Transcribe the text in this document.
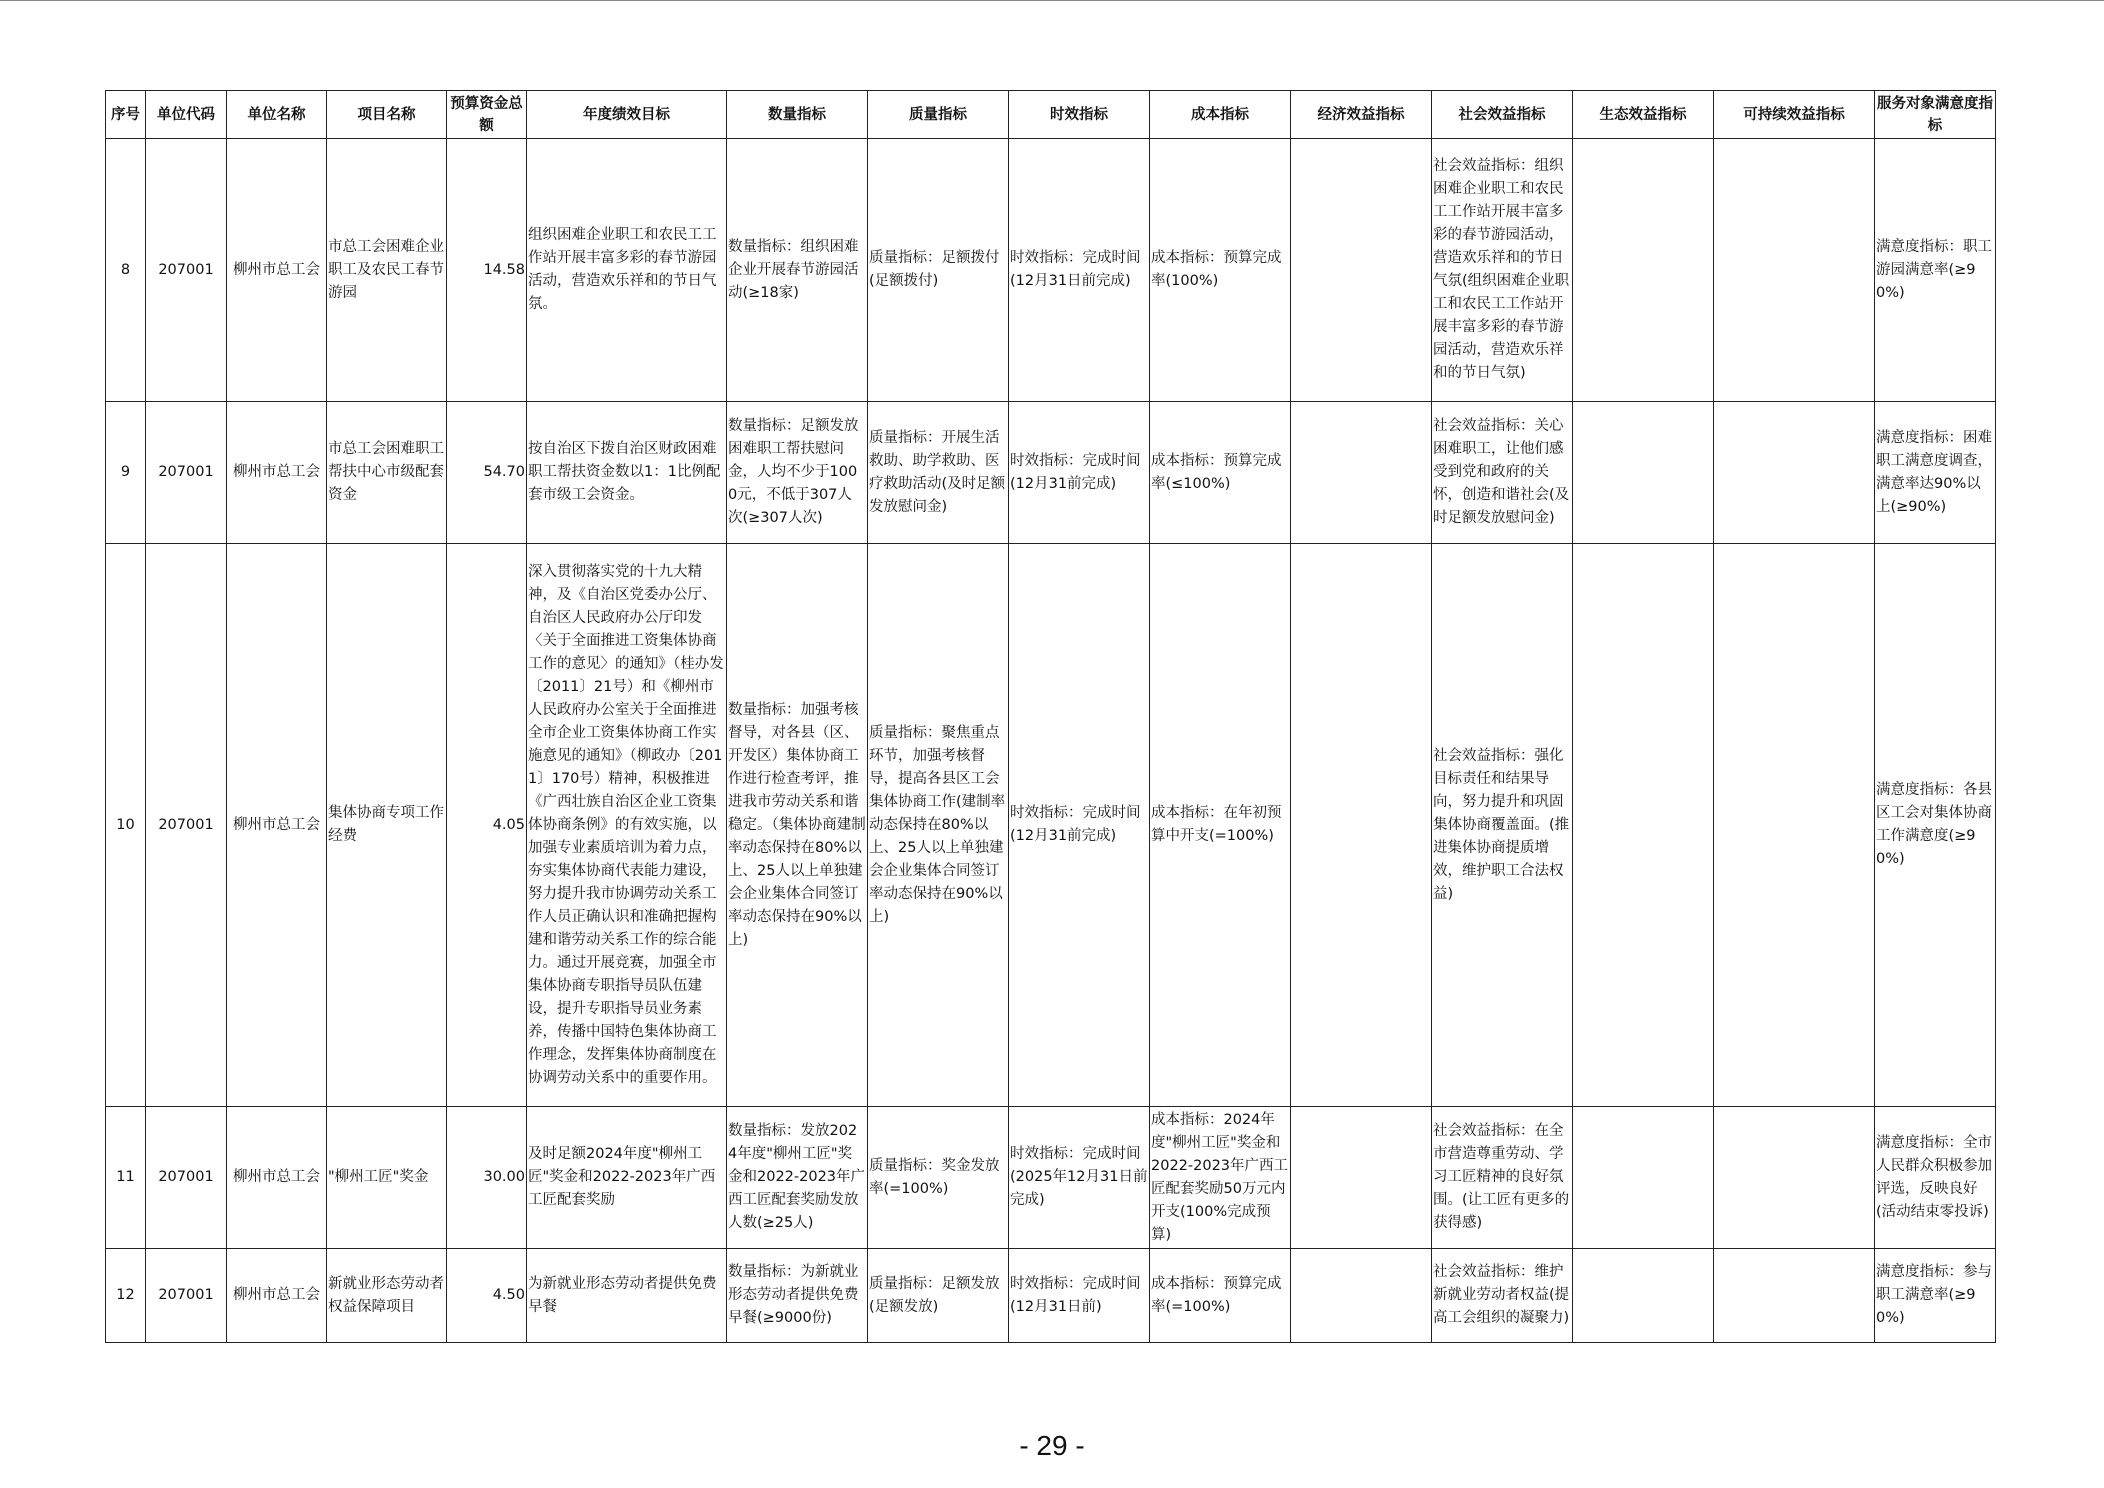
序号	单位代码	单位名称	项目名称	预算资金总额	年度绩效目标	数量指标	质量指标	时效指标	成本指标	经济效益指标	社会效益指标	生态效益指标	可持续效益指标	服务对象满意度指标
8	207001	柳州市总工会	市总工会困难企业职工及农民工春节游园	14.58	组织困难企业职工和农民工工作站开展丰富多彩的春节游园活动，营造欢乐祥和的节日气氛。	数量指标：组织困难企业开展春节游园活动(≥18家)	质量指标：足额拨付(足额拨付)	时效指标：完成时间(12月31日前完成)	成本指标：预算完成率(100%)		社会效益指标：组织困难企业职工和农民工工作站开展丰富多彩的春节游园活动，营造欢乐祥和的节日气氛(组织困难企业职工和农民工工作站开展丰富多彩的春节游园活动，营造欢乐祥和的节日气氛)			满意度指标：职工游园满意率(≥90%)
9	207001	柳州市总工会	市总工会困难职工帮扶中心市级配套资金	54.70	按自治区下拨自治区财政困难职工帮扶资金数以1：1比例配套市级工会资金。	数量指标：足额发放困难职工帮扶慰问金，人均不少于1000元，不低于307人次(≥307人次)	质量指标：开展生活救助、助学救助、医疗救助活动(及时足额发放慰问金)	时效指标：完成时间(12月31前完成)	成本指标：预算完成率(≤100%)		社会效益指标：关心困难职工，让他们感受到党和政府的关怀，创造和谐社会(及时足额发放慰问金)			满意度指标：困难职工满意度调查，满意率达90%以上(≥90%)
10	207001	柳州市总工会	集体协商专项工作经费	4.05	深入贯彻落实党的十九大精神，及《自治区党委办公厅、自治区人民政府办公厅印发〈关于全面推进工资集体协商工作的意见〉的通知》（桂办发〔2011〕21号）和《柳州市人民政府办公室关于全面推进全市企业工资集体协商工作实施意见的通知》（柳政办〔2011〕170号）精神，积极推进《广西壮族自治区企业工资集体协商条例》的有效实施，以加强专业素质培训为着力点，夯实集体协商代表能力建设，努力提升我市协调劳动关系工作人员正确认识和准确把握构建和谐劳动关系工作的综合能力。通过开展竞赛，加强全市集体协商专职指导员队伍建设，提升专职指导员业务素养，传播中国特色集体协商工作理念，发挥集体协商制度在协调劳动关系中的重要作用。	数量指标：加强考核督导，对各县（区、开发区）集体协商工作进行检查考评，推进我市劳动关系和谐稳定。（集体协商建制率动态保持在80%以上、25人以上单独建会企业集体合同签订率动态保持在90%以上)	质量指标：聚焦重点环节，加强考核督导，提高各县区工会集体协商工作(建制率动态保持在80%以上、25人以上单独建会企业集体合同签订率动态保持在90%以上)	时效指标：完成时间(12月31前完成)	成本指标：在年初预算中开支(=100%)		社会效益指标：强化目标责任和结果导向，努力提升和巩固集体协商覆盖面。(推进集体协商提质增效，维护职工合法权益)			满意度指标：各县区工会对集体协商工作满意度(≥90%)
11	207001	柳州市总工会	"柳州工匠"奖金	30.00	及时足额2024年度"柳州工匠"奖金和2022-2023年广西工匠配套奖励	数量指标：发放2024年度"柳州工匠"奖金和2022-2023年广西工匠配套奖励发放人数(≥25人)	质量指标：奖金发放率(=100%)	时效指标：完成时间(2025年12月31日前完成)	成本指标：2024年度"柳州工匠"奖金和2022-2023年广西工匠配套奖励50万元内开支(100%完成预算)		社会效益指标：在全市营造尊重劳动、学习工匠精神的良好氛围。(让工匠有更多的获得感)			满意度指标：全市人民群众积极参加评选，反映良好(活动结束零投诉)
12	207001	柳州市总工会	新就业形态劳动者权益保障项目	4.50	为新就业形态劳动者提供免费早餐	数量指标：为新就业形态劳动者提供免费早餐(≥9000份)	质量指标：足额发放(足额发放)	时效指标：完成时间(12月31日前)	成本指标：预算完成率(=100%)		社会效益指标：维护新就业劳动者权益(提高工会组织的凝聚力)			满意度指标：参与职工满意率(≥90%)
- 29 -
